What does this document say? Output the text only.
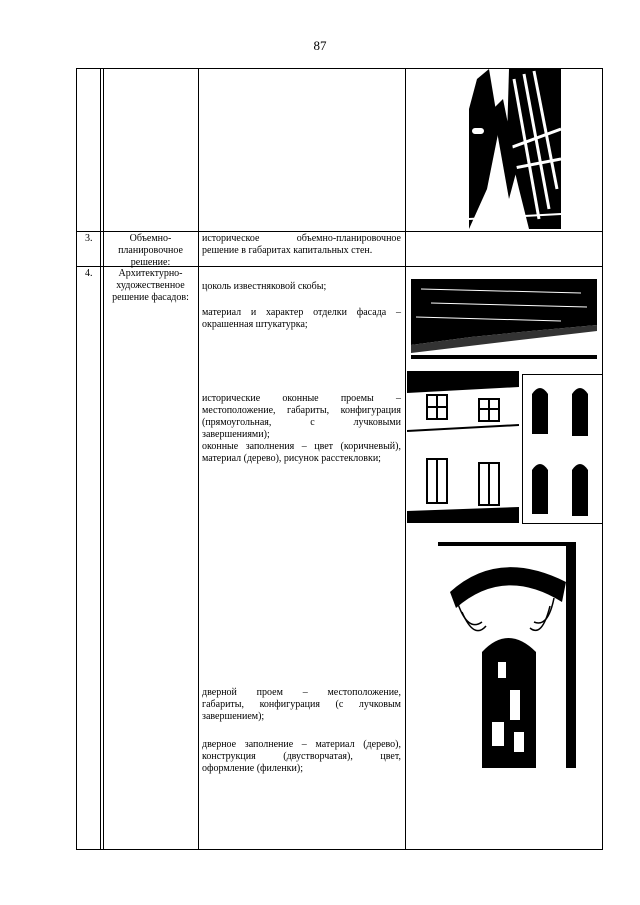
87
3.	Объемно-
планировочное
решение:
историческое объемно-планировочное
решение в габаритах капитальных стен.
4.	Архитектурно-
художественное
решение фасадов:
цоколь известняковой скобы;
материал и характер отделки фасада –
окрашенная штукатурка;
исторические оконные проемы –
местоположение, габариты, конфигурация
(прямоугольная, с лучковыми
завершениями);
оконные заполнения – цвет (коричневый),
материал (дерево), рисунок расстекловки;
дверной проем – местоположение,
габариты, конфигурация (с лучковым
завершением);
дверное заполнение – материал (дерево),
конструкция (двустворчатая), цвет,
оформление (филенки);
